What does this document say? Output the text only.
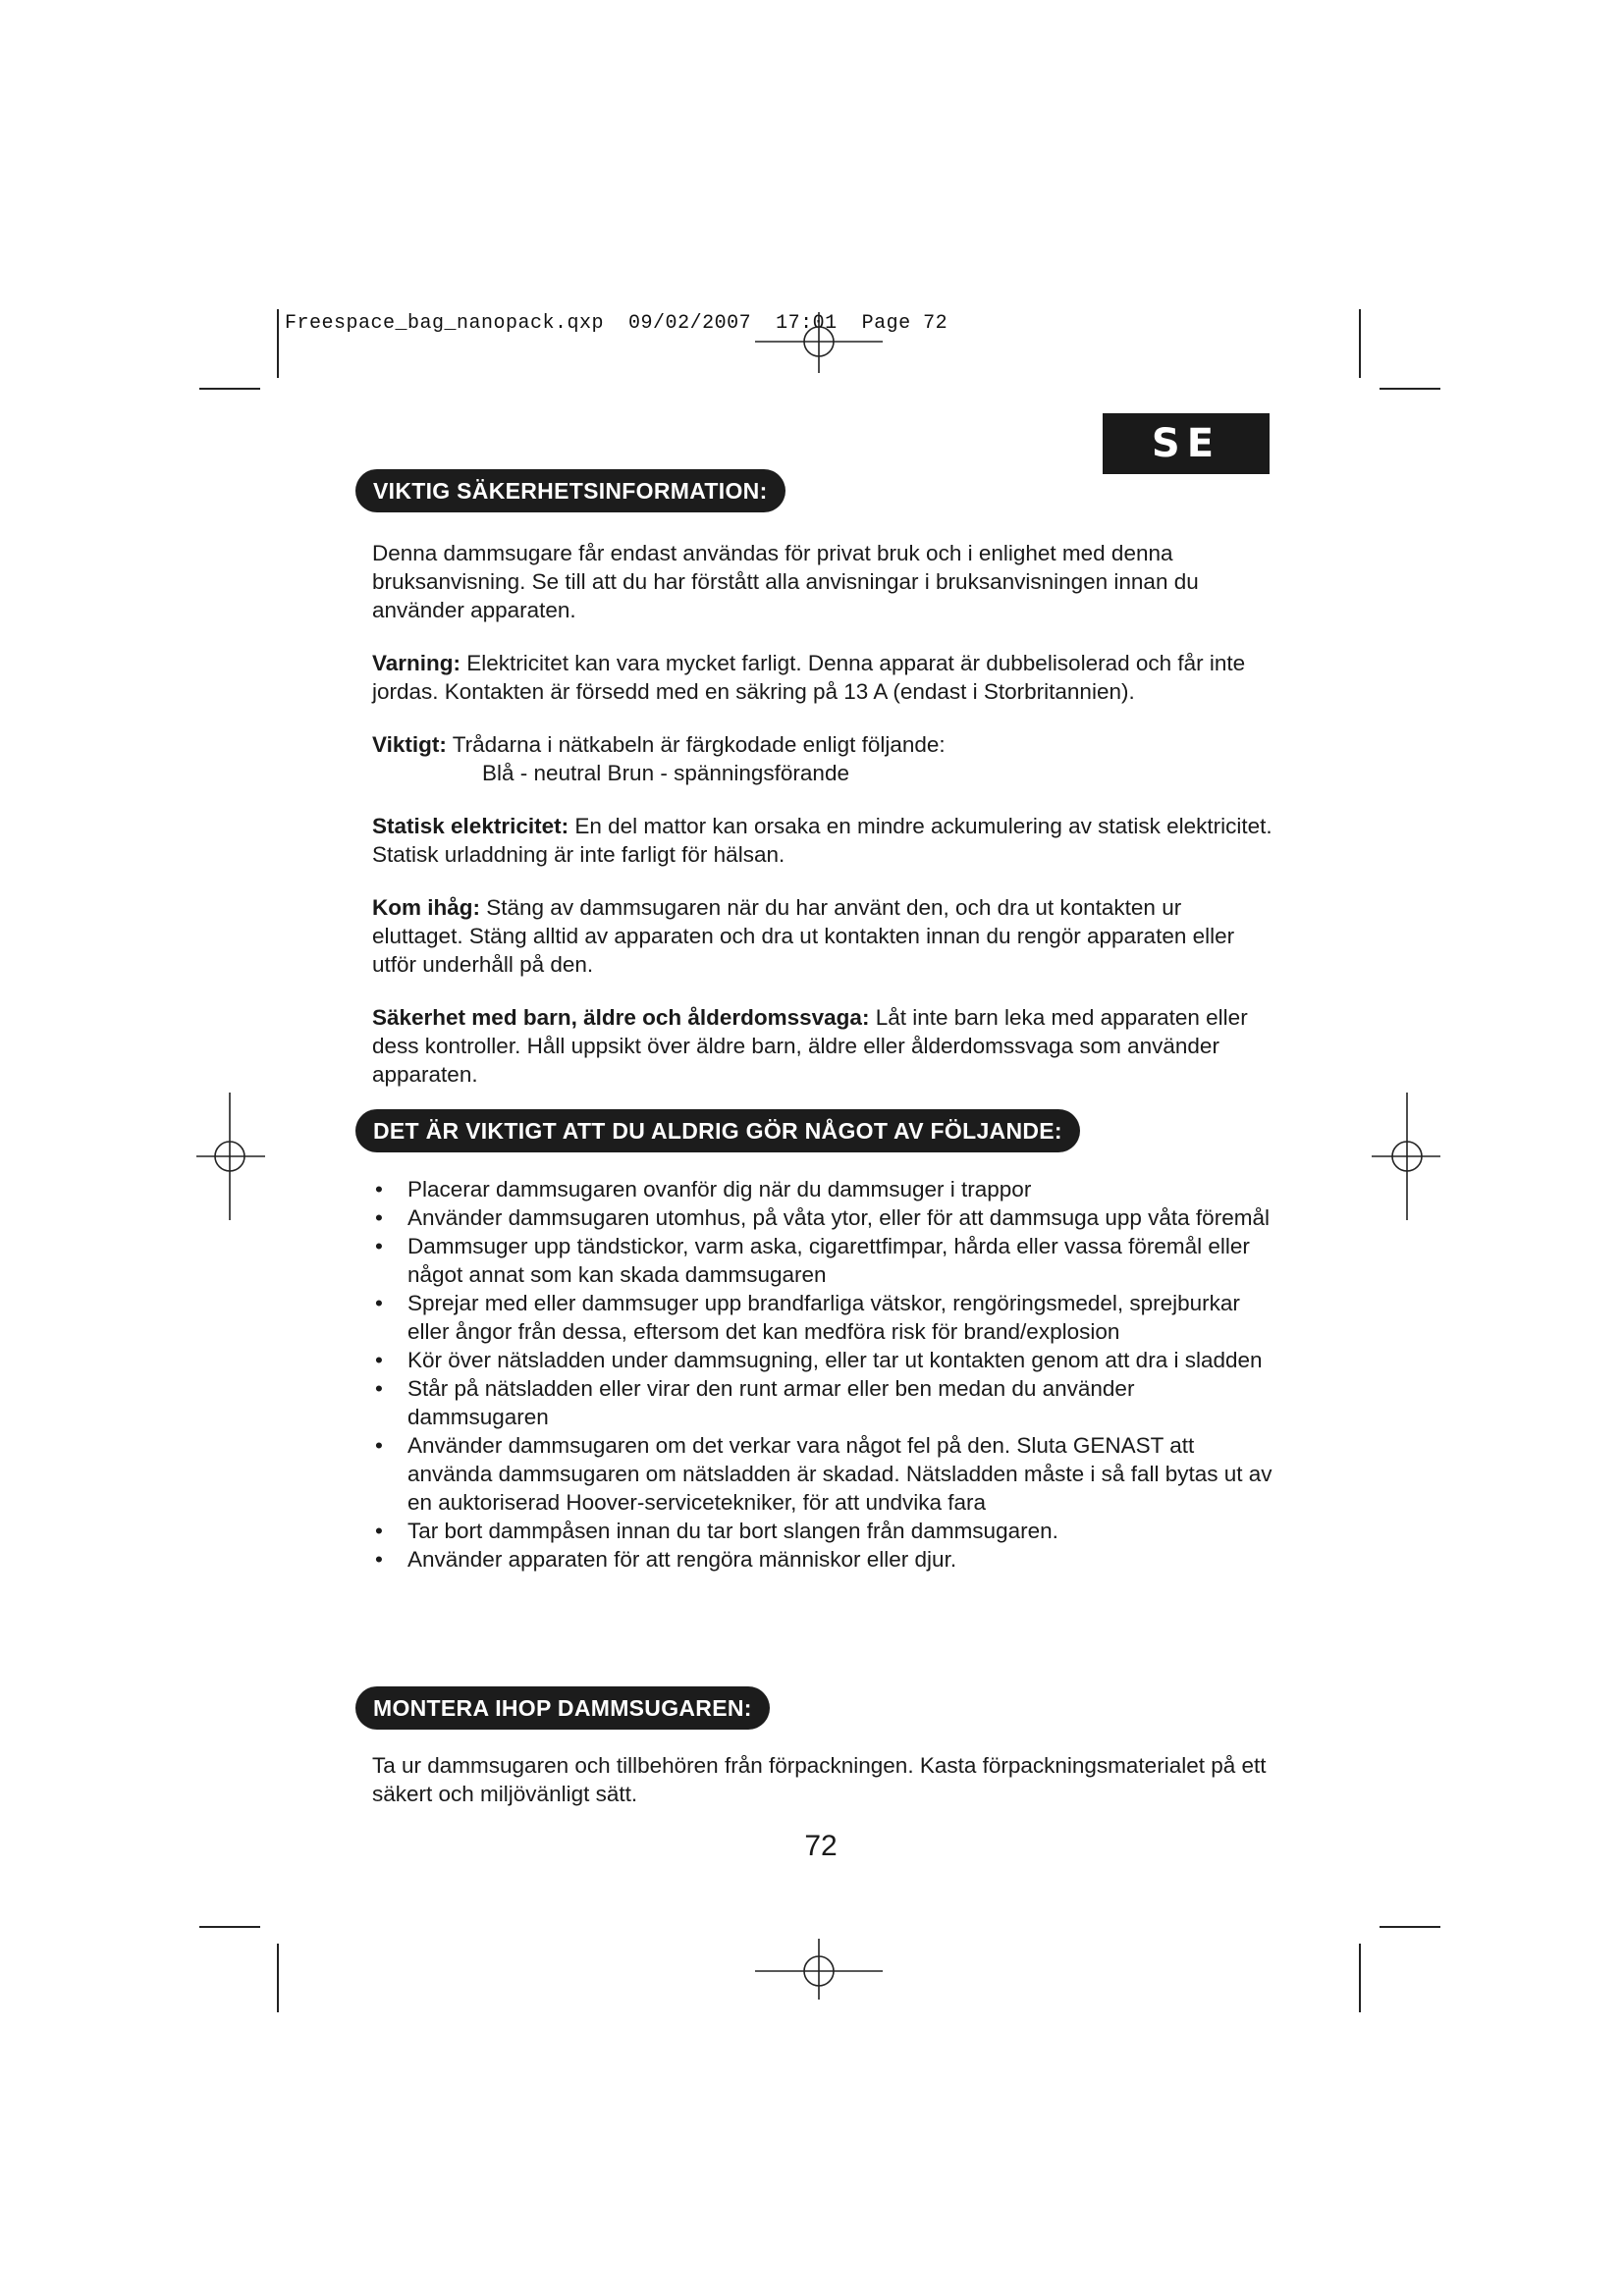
Freespace_bag_nanopack.qxp  09/02/2007  17:01  Page 72
SE
VIKTIG SÄKERHETSINFORMATION:

Denna dammsugare får endast användas för privat bruk och i enlighet med denna bruksanvisning. Se till att du har förstått alla anvisningar i bruksanvisningen innan du använder apparaten.

Varning: Elektricitet kan vara mycket farligt. Denna apparat är dubbelisolerad och får inte jordas. Kontakten är försedd med en säkring på 13 A (endast i Storbritannien).

Viktigt: Trådarna i nätkabeln är färgkodade enligt följande:

Blå - neutral Brun - spänningsförande

Statisk elektricitet: En del mattor kan orsaka en mindre ackumulering av statisk elektricitet. Statisk urladdning är inte farligt för hälsan.

Kom ihåg: Stäng av dammsugaren när du har använt den, och dra ut kontakten ur eluttaget. Stäng alltid av apparaten och dra ut kontakten innan du rengör apparaten eller utför underhåll på den.

Säkerhet med barn, äldre och ålderdomssvaga: Låt inte barn leka med apparaten eller dess kontroller. Håll uppsikt över äldre barn, äldre eller ålderdomssvaga som använder apparaten.

DET ÄR VIKTIGT ATT DU ALDRIG GÖR NÅGOT AV FÖLJANDE:
• Placerar dammsugaren ovanför dig när du dammsuger i trappor
• Använder dammsugaren utomhus, på våta ytor, eller för att dammsuga upp våta föremål
• Dammsuger upp tändstickor, varm aska, cigarettfimpar, hårda eller vassa föremål eller något annat som kan skada dammsugaren
• Sprejar med eller dammsuger upp brandfarliga vätskor, rengöringsmedel, sprejburkar eller ångor från dessa, eftersom det kan medföra risk för brand/explosion
• Kör över nätsladden under dammsugning, eller tar ut kontakten genom att dra i sladden
• Står på nätsladden eller virar den runt armar eller ben medan du använder dammsugaren
• Använder dammsugaren om det verkar vara något fel på den. Sluta GENAST att använda dammsugaren om nätsladden är skadad. Nätsladden måste i så fall bytas ut av en auktoriserad Hoover-servicetekniker, för att undvika fara
• Tar bort dammpåsen innan du tar bort slangen från dammsugaren.
• Använder apparaten för att rengöra människor eller djur.
MONTERA IHOP DAMMSUGAREN:

Ta ur dammsugaren och tillbehören från förpackningen. Kasta förpackningsmaterialet på ett säkert och miljövänligt sätt.

72
